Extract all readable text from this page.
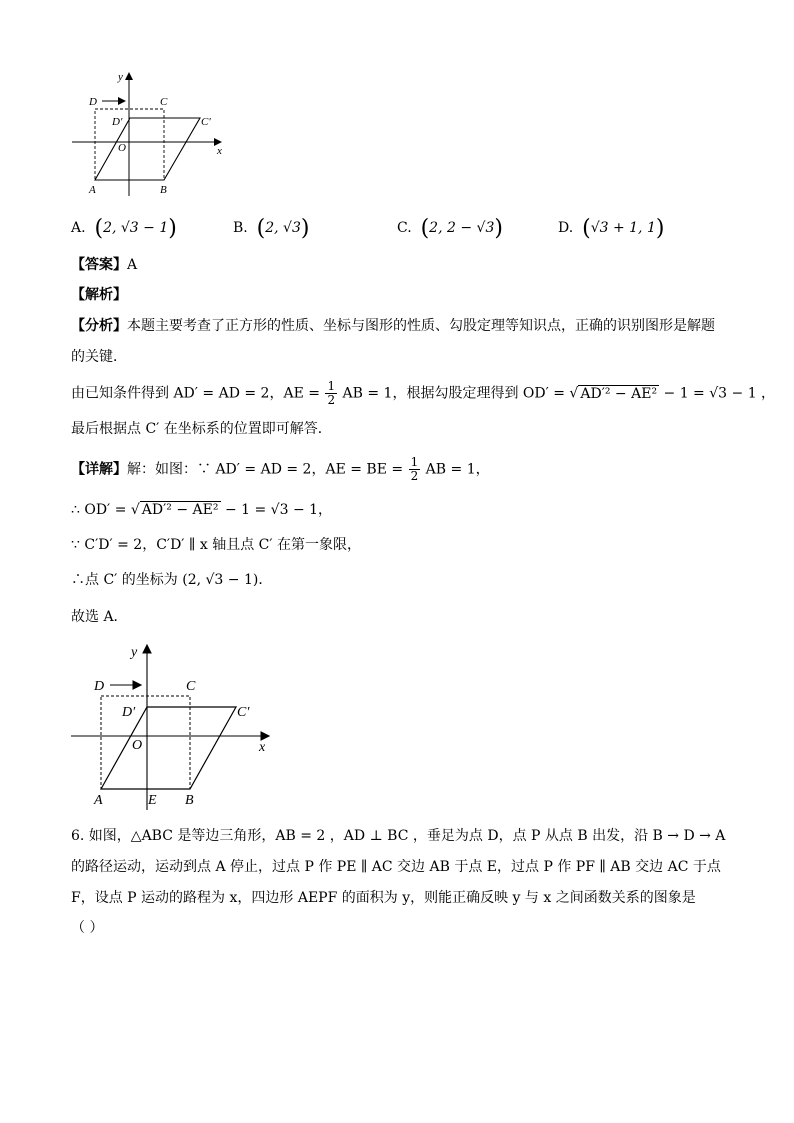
y
D	C
D′	C′
O	x
A	B
A. (2, √3 − 1)	B. (2, √3)	C. (2, 2 − √3)	D. (√3 + 1, 1)
【答案】A
【解析】
【分析】本题主要考查了正方形的性质、坐标与图形的性质、勾股定理等知识点，正确的识别图形是解题
的关键．
由已知条件得到 AD′ = AD = 2，AE = $\frac{1}{2}$ AB = 1，根据勾股定理得到 OD′ = √ AD′² − AE² − 1 = √3 − 1 ，
最后根据点 C′ 在坐标系的位置即可解答．
【详解】解：如图：∵ AD′ = AD = 2，AE = BE = $\frac{1}{2}$ AB = 1，
∴ OD′ = √ AD′² − AE² − 1 = √3 − 1，
∵ C′D′ = 2，C′D′ ∥ x 轴且点 C′ 在第一象限，
∴点 C′ 的坐标为 (2, √3 − 1)．
故选 A．
y
D	C
D′	C′
O	x
A	E B
6. 如图，△ABC 是等边三角形，AB = 2 ，AD ⊥ BC ，垂足为点 D，点 P 从点 B 出发，沿 B → D → A
的路径运动，运动到点 A 停止，过点 P 作 PE ∥ AC 交边 AB 于点 E，过点 P 作 PF ∥ AB 交边 AC 于点
F，设点 P 运动的路程为 x，四边形 AEPF 的面积为 y，则能正确反映 y 与 x 之间函数关系的图象是
（ ）
